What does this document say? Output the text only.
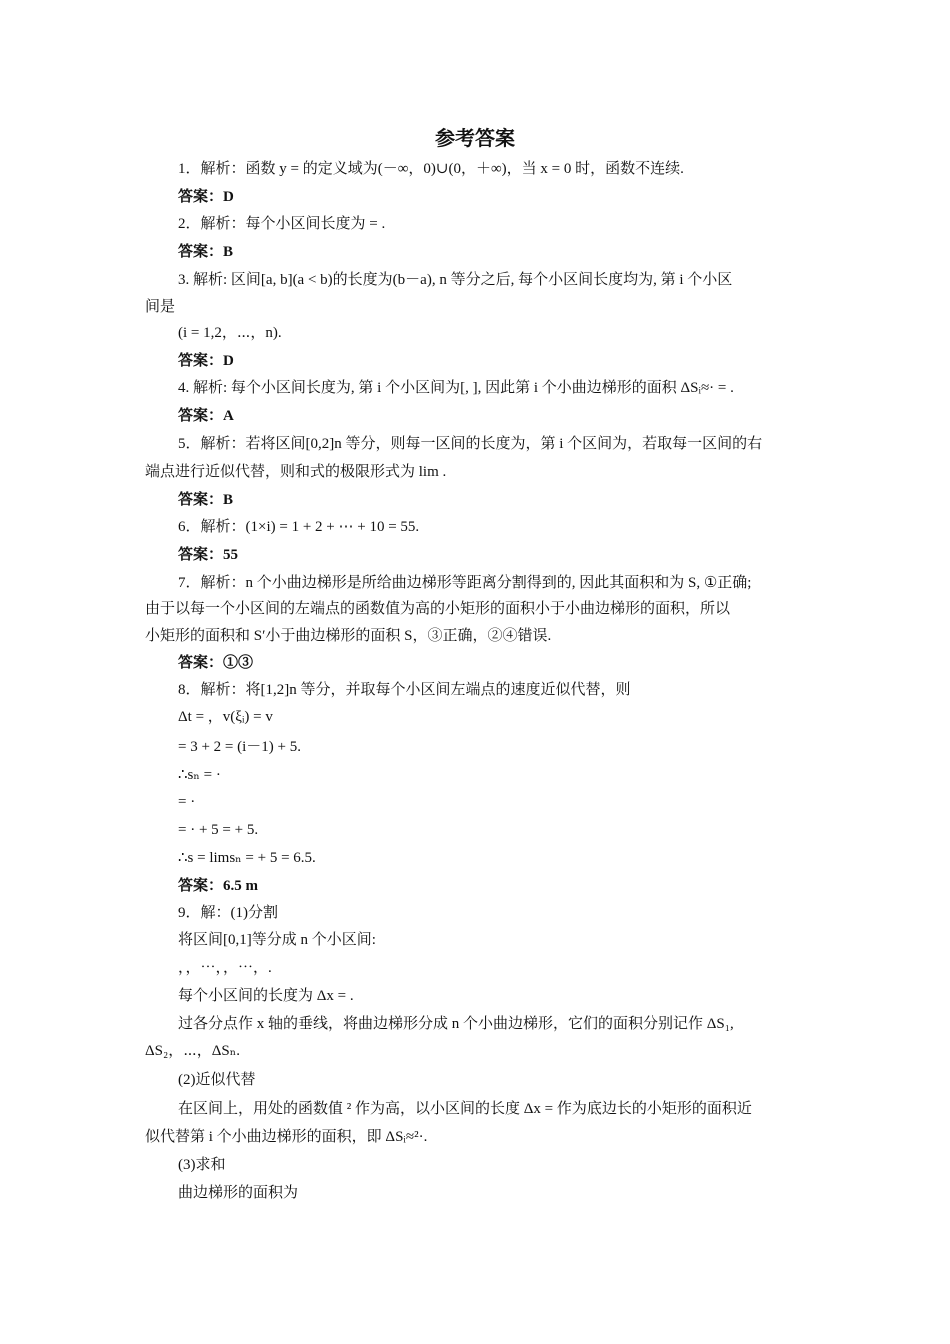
参考答案
1．解析：函数 y = 的定义域为(－∞，0)∪(0，＋∞)，当 x = 0 时，函数不连续.
答案：D
2．解析：每个小区间长度为 = .
答案：B
3. 解析: 区间[a, b](a < b)的长度为(b－a), n 等分之后, 每个小区间长度均为, 第 i 个小区
间是
(i = 1,2，⋯，n).
答案：D
4. 解析: 每个小区间长度为, 第 i 个小区间为[, ], 因此第 i 个小曲边梯形的面积 ΔSᵢ≈· = .
答案：A
5．解析：若将区间[0,2]n 等分，则每一区间的长度为，第 i 个区间为，若取每一区间的右
端点进行近似代替，则和式的极限形式为 lim .
答案：B
6．解析：(1×i) = 1 + 2 + ⋯ + 10 = 55.
答案：55
7．解析：n 个小曲边梯形是所给曲边梯形等距离分割得到的, 因此其面积和为 S, ①正确;
由于以每一个小区间的左端点的函数值为高的小矩形的面积小于小曲边梯形的面积，所以
小矩形的面积和 S′小于曲边梯形的面积 S，③正确，②④错误.
答案：①③
8．解析：将[1,2]n 等分，并取每个小区间左端点的速度近似代替，则
Δt = ，v(ξᵢ) = v
= 3 + 2 = (i－1) + 5.
∴sₙ = ·
= ·
= · + 5 = + 5.
∴s = limsₙ = + 5 = 6.5.
答案：6.5 m
9．解：(1)分割
将区间[0,1]等分成 n 个小区间:
，，⋯，，⋯，.
每个小区间的长度为 Δx = .
过各分点作 x 轴的垂线，将曲边梯形分成 n 个小曲边梯形，它们的面积分别记作 ΔS₁,
ΔS₂，⋯，ΔSₙ.
(2)近似代替
在区间上，用处的函数值 ² 作为高，以小区间的长度 Δx = 作为底边长的小矩形的面积近
似代替第 i 个小曲边梯形的面积，即 ΔSᵢ≈²·.
(3)求和
曲边梯形的面积为
